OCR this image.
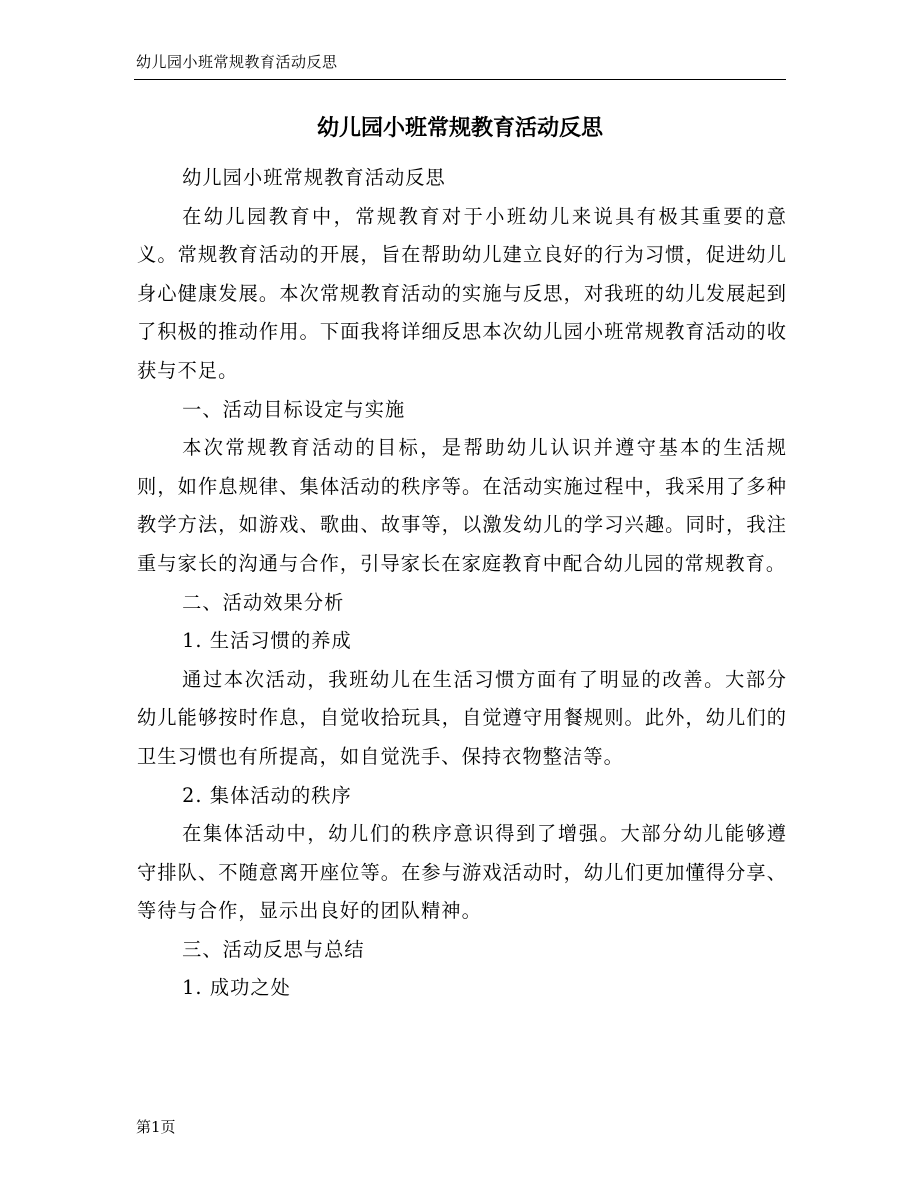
幼儿园小班常规教育活动反思
幼儿园小班常规教育活动反思

幼儿园小班常规教育活动反思

在幼儿园教育中，常规教育对于小班幼儿来说具有极其重要的意义。常规教育活动的开展，旨在帮助幼儿建立良好的行为习惯，促进幼儿身心健康发展。本次常规教育活动的实施与反思，对我班的幼儿发展起到了积极的推动作用。下面我将详细反思本次幼儿园小班常规教育活动的收获与不足。

一、活动目标设定与实施

本次常规教育活动的目标，是帮助幼儿认识并遵守基本的生活规则，如作息规律、集体活动的秩序等。在活动实施过程中，我采用了多种教学方法，如游戏、歌曲、故事等，以激发幼儿的学习兴趣。同时，我注重与家长的沟通与合作，引导家长在家庭教育中配合幼儿园的常规教育。

二、活动效果分析

1. 生活习惯的养成

通过本次活动，我班幼儿在生活习惯方面有了明显的改善。大部分幼儿能够按时作息，自觉收拾玩具，自觉遵守用餐规则。此外，幼儿们的卫生习惯也有所提高，如自觉洗手、保持衣物整洁等。

2. 集体活动的秩序

在集体活动中，幼儿们的秩序意识得到了增强。大部分幼儿能够遵守排队、不随意离开座位等。在参与游戏活动时，幼儿们更加懂得分享、等待与合作，显示出良好的团队精神。

三、活动反思与总结

1. 成功之处

第1页
